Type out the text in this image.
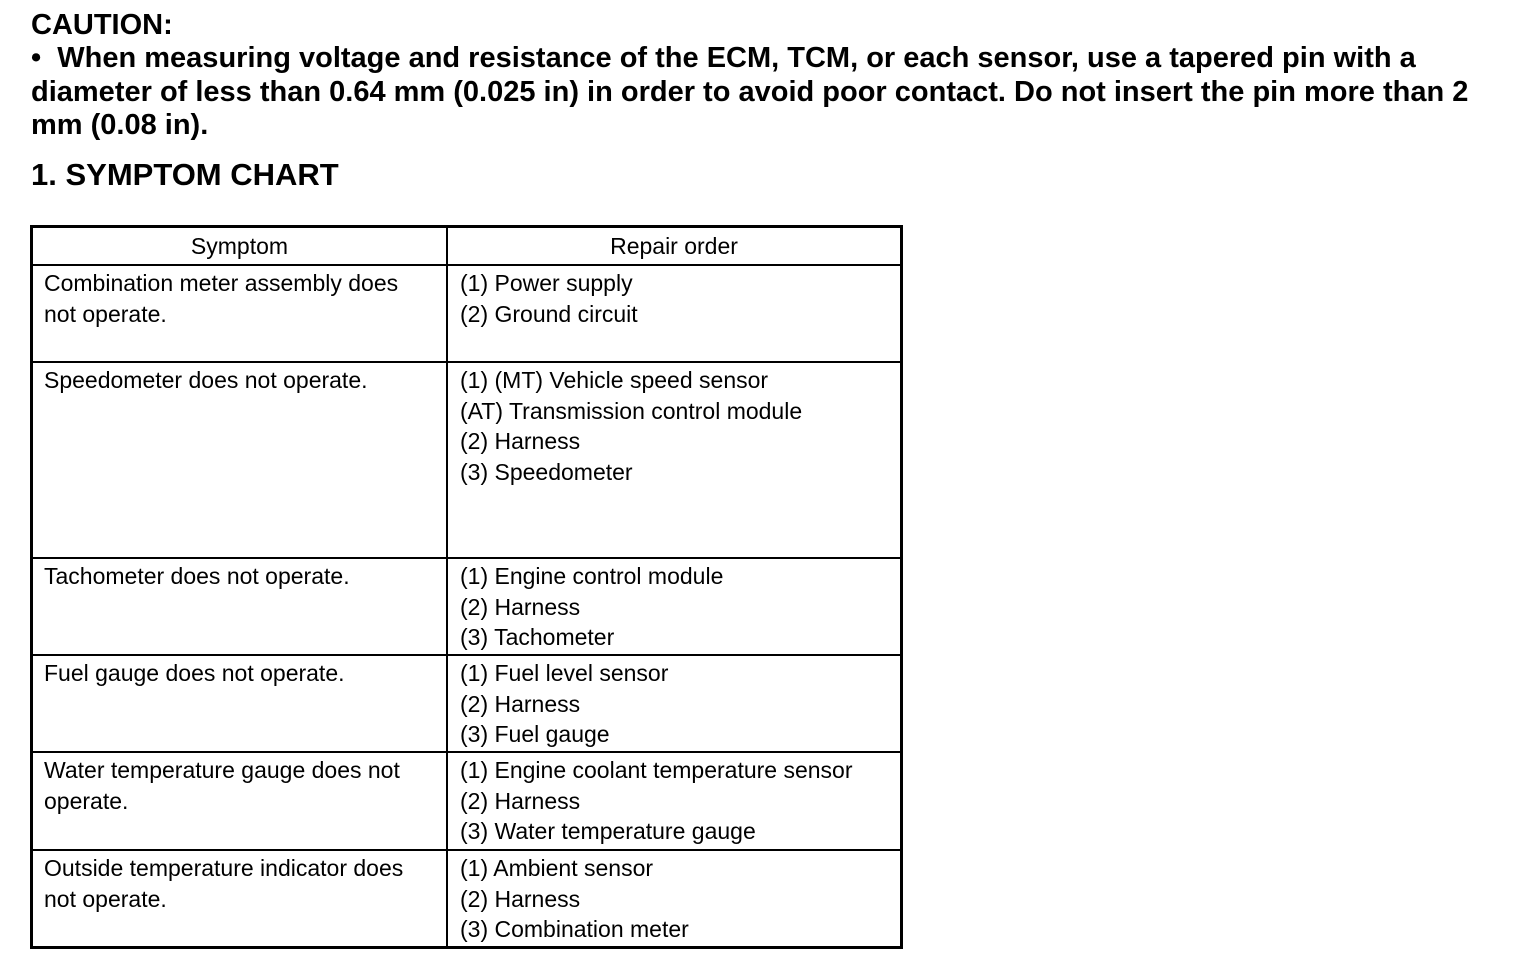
CAUTION:
• When measuring voltage and resistance of the ECM, TCM, or each sensor, use a tapered pin with a diameter of less than 0.64 mm (0.025 in) in order to avoid poor contact. Do not insert the pin more than 2 mm (0.08 in).
1. SYMPTOM CHART
Symptom	Repair order

Combination meter assembly does not operate.	(1) Power supply
(2) Ground circuit

Speedometer does not operate.	(1) (MT) Vehicle speed sensor
(AT) Transmission control module
(2) Harness
(3) Speedometer

Tachometer does not operate.	(1) Engine control module
(2) Harness
(3) Tachometer

Fuel gauge does not operate.	(1) Fuel level sensor
(2) Harness
(3) Fuel gauge

Water temperature gauge does not operate.	(1) Engine coolant temperature sensor
(2) Harness
(3) Water temperature gauge

Outside temperature indicator does not operate.	(1) Ambient sensor
(2) Harness
(3) Combination meter
